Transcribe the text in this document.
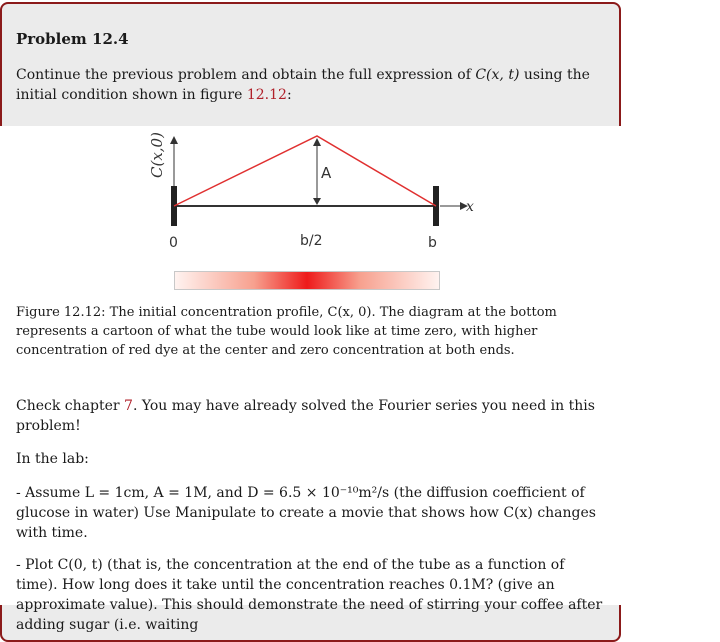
Problem 12.4
Continue the previous problem and obtain the full expression of C(x, t) using the initial condition shown in figure 12.12:
C(x,0)
x
A
0	b/2	b
Figure 12.12: The initial concentration profile, C(x, 0). The diagram at the bottom represents a cartoon of what the tube would look like at time zero, with higher concentration of red dye at the center and zero concentration at both ends.
Check chapter 7. You may have already solved the Fourier series you need in this problem!
In the lab:
- Assume L = 1cm, A = 1M, and D = 6.5 × 10⁻¹⁰m²/s (the diffusion coefficient of glucose in water) Use Manipulate to create a movie that shows how C(x) changes with time.
- Plot C(0, t) (that is, the concentration at the end of the tube as a function of time). How long does it take until the concentration reaches 0.1M? (give an approximate value). This should demonstrate the need of stirring your coffee after adding sugar (i.e. waiting
